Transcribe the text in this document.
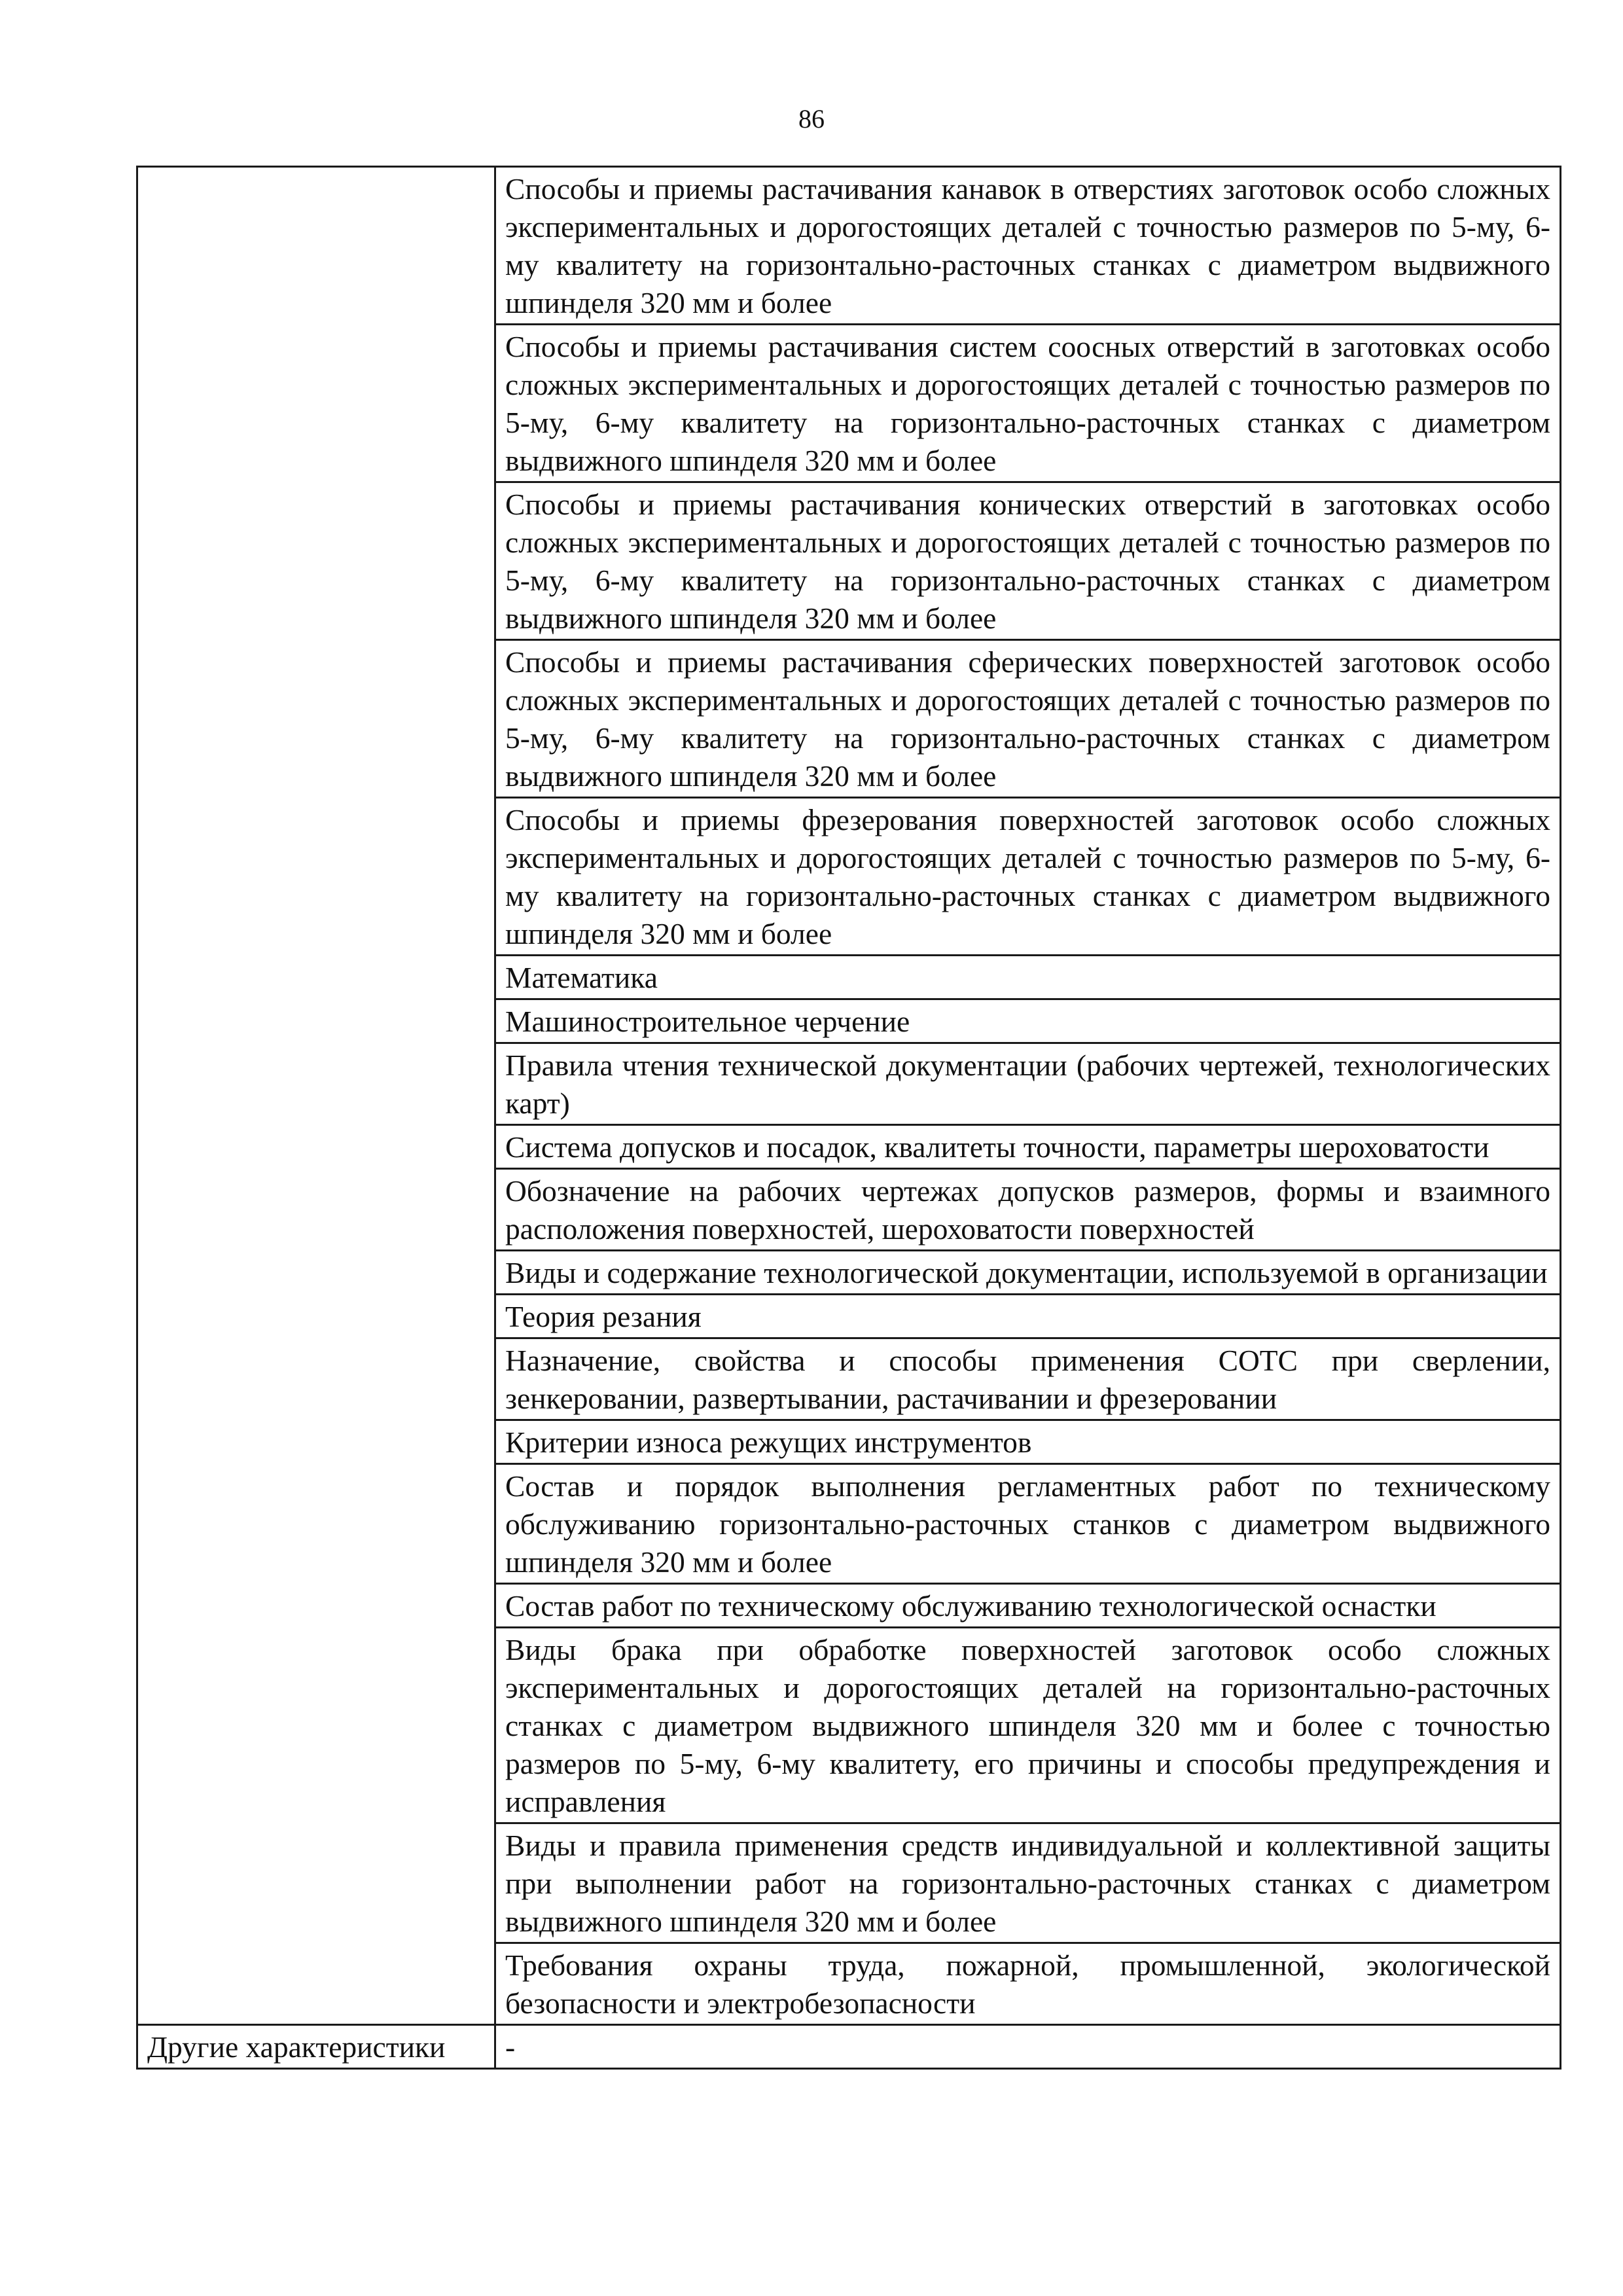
86
	Способы и приемы растачивания канавок в отверстиях заготовок особо сложных экспериментальных и дорогостоящих деталей с точностью размеров по 5-му, 6-му квалитету на горизонтально-расточных станках с диаметром выдвижного шпинделя 320 мм и более
	Способы и приемы растачивания систем соосных отверстий в заготовках особо сложных экспериментальных и дорогостоящих деталей с точностью размеров по 5-му, 6-му квалитету на горизонтально-расточных станках с диаметром выдвижного шпинделя 320 мм и более
	Способы и приемы растачивания конических отверстий в заготовках особо сложных экспериментальных и дорогостоящих деталей с точностью размеров по 5-му, 6-му квалитету на горизонтально-расточных станках с диаметром выдвижного шпинделя 320 мм и более
	Способы и приемы растачивания сферических поверхностей заготовок особо сложных экспериментальных и дорогостоящих деталей с точностью размеров по 5-му, 6-му квалитету на горизонтально-расточных станках с диаметром выдвижного шпинделя 320 мм и более
	Способы и приемы фрезерования поверхностей заготовок особо сложных экспериментальных и дорогостоящих деталей с точностью размеров по 5-му, 6-му квалитету на горизонтально-расточных станках с диаметром выдвижного шпинделя 320 мм и более
	Математика
	Машиностроительное черчение
	Правила чтения технической документации (рабочих чертежей, технологических карт)
	Система допусков и посадок, квалитеты точности, параметры шероховатости
	Обозначение на рабочих чертежах допусков размеров, формы и взаимного расположения поверхностей, шероховатости поверхностей
	Виды и содержание технологической документации, используемой в организации
	Теория резания
	Назначение, свойства и способы применения СОТС при сверлении, зенкеровании, развертывании, растачивании и фрезеровании
	Критерии износа режущих инструментов
	Состав и порядок выполнения регламентных работ по техническому обслуживанию горизонтально-расточных станков с диаметром выдвижного шпинделя 320 мм и более
	Состав работ по техническому обслуживанию технологической оснастки
	Виды брака при обработке поверхностей заготовок особо сложных экспериментальных и дорогостоящих деталей на горизонтально-расточных станках с диаметром выдвижного шпинделя 320 мм и более с точностью размеров по 5-му, 6-му квалитету, его причины и способы предупреждения и исправления
	Виды и правила применения средств индивидуальной и коллективной защиты при выполнении работ на горизонтально-расточных станках с диаметром выдвижного шпинделя 320 мм и более
	Требования охраны труда, пожарной, промышленной, экологической безопасности и электробезопасности
Другие характеристики	-
